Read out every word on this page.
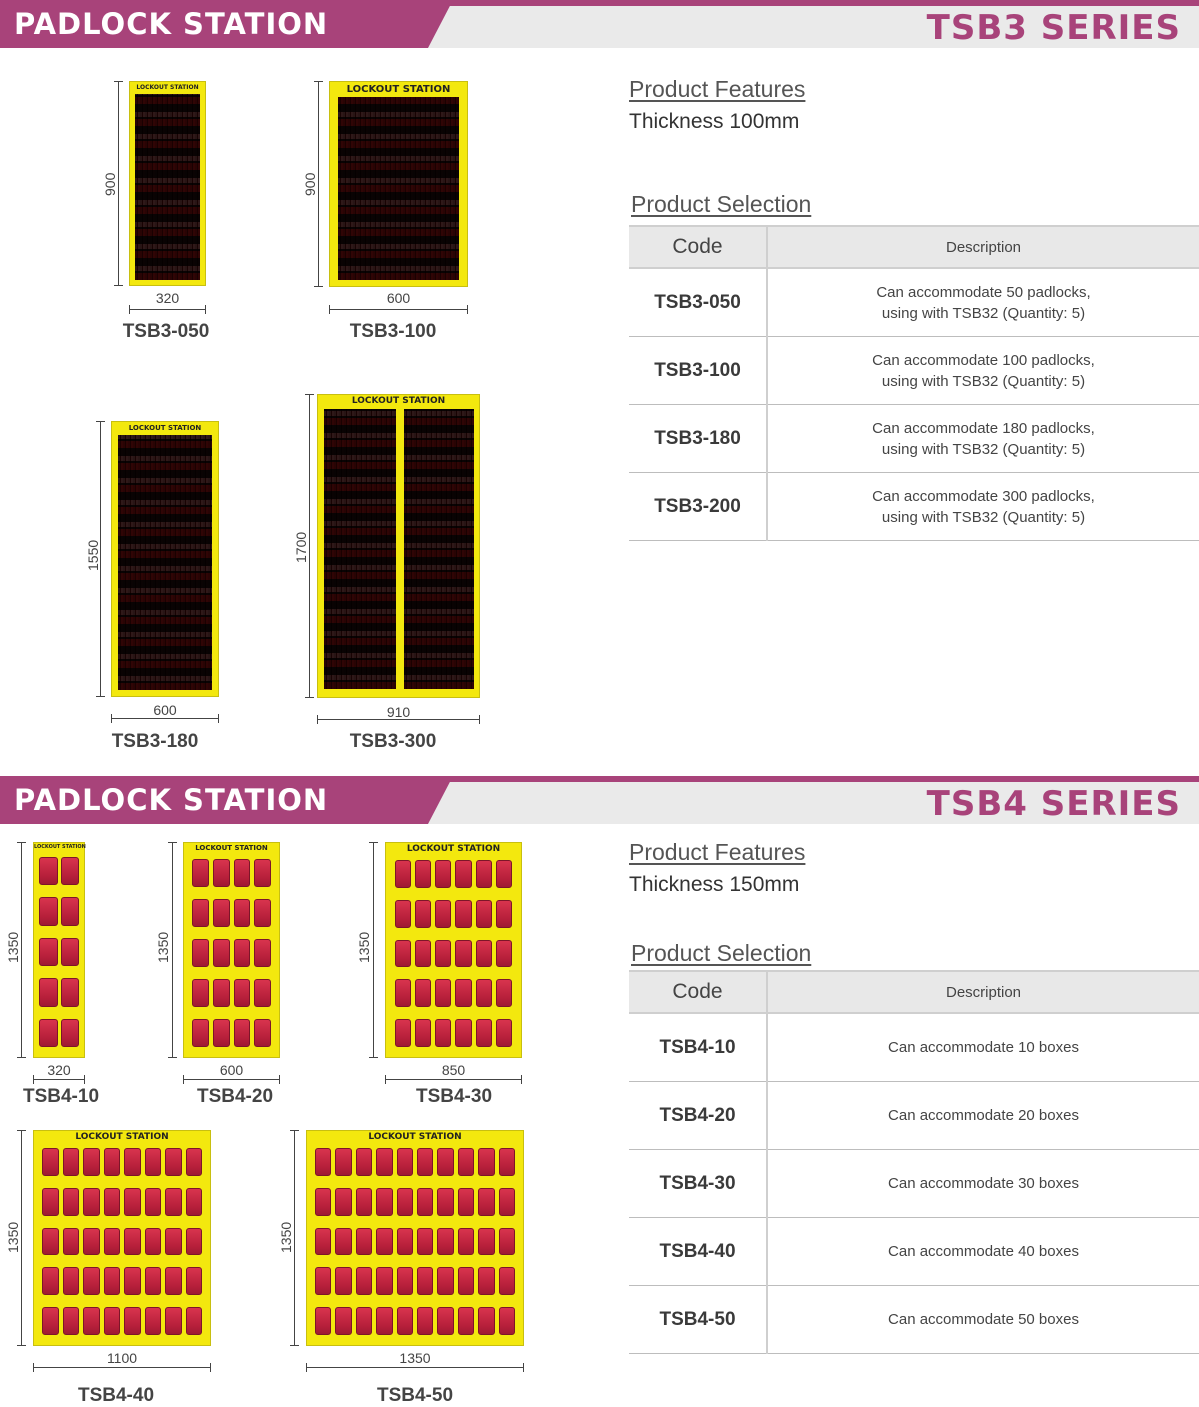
PADLOCK STATION	TSB3 SERIES
LOCKOUT STATION
900
320
TSB3-050
LOCKOUT STATION
900
600
TSB3-100
LOCKOUT STATION
1550
600
TSB3-180
LOCKOUT STATION
1700
910
TSB3-300
Product Features
Thickness 100mm
Product Selection
Code	Description
TSB3-050	Can accommodate 50 padlocks,
using with TSB32 (Quantity: 5)

TSB3-100	Can accommodate 100 padlocks,
using with TSB32 (Quantity: 5)

TSB3-180	Can accommodate 180 padlocks,
using with TSB32 (Quantity: 5)

TSB3-200	Can accommodate 300 padlocks,
using with TSB32 (Quantity: 5)
PADLOCK STATION	TSB4 SERIES
LOCKOUT STATION
1350
320
TSB4-10
LOCKOUT STATION
1350
600
TSB4-20
LOCKOUT STATION
1350
850
TSB4-30
LOCKOUT STATION
1350
1100
TSB4-40
LOCKOUT STATION
1350
1350
TSB4-50
Product Features
Thickness 150mm
Product Selection
Code	Description
TSB4-10	Can accommodate 10 boxes
TSB4-20	Can accommodate 20 boxes
TSB4-30	Can accommodate 30 boxes
TSB4-40	Can accommodate 40 boxes
TSB4-50	Can accommodate 50 boxes
